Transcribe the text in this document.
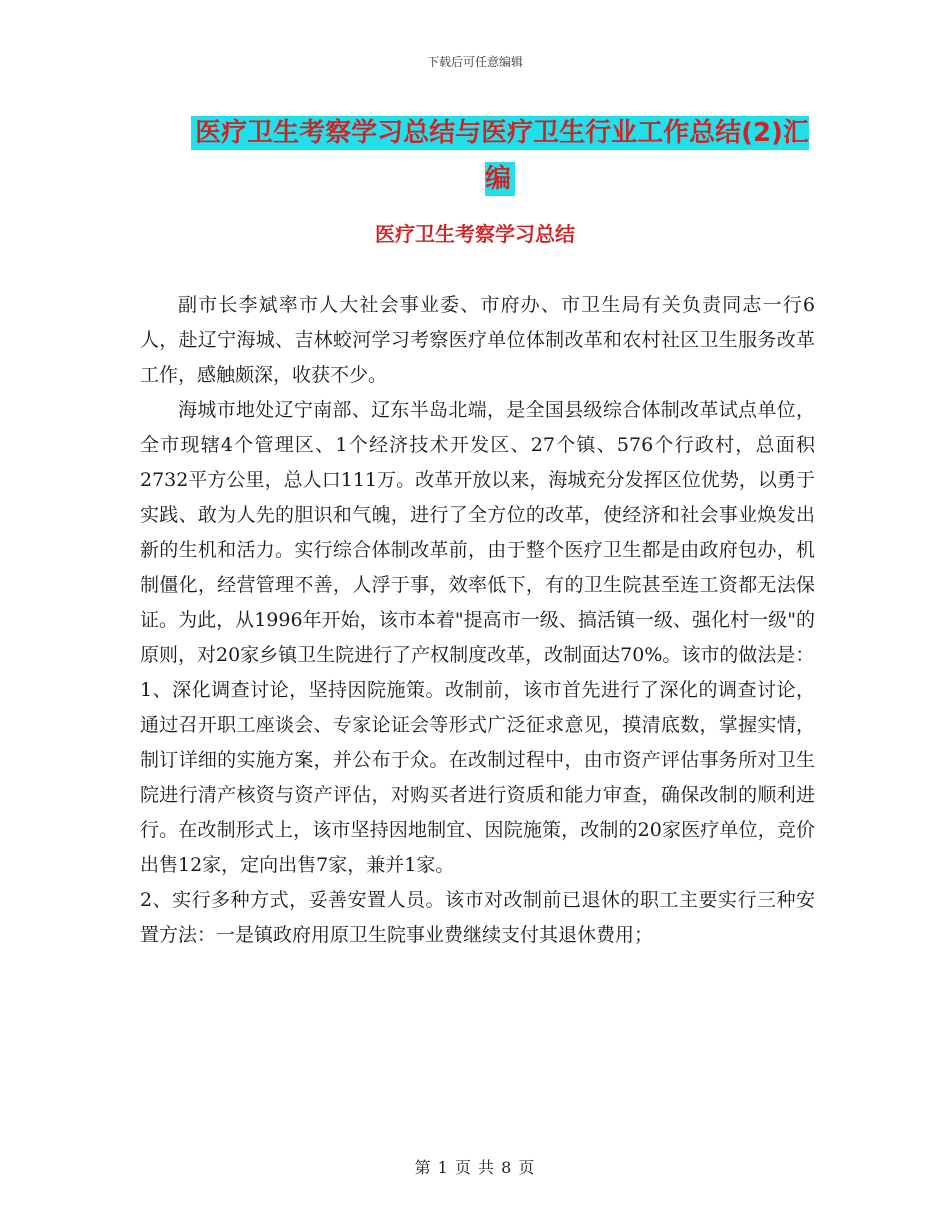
下载后可任意编辑
医疗卫生考察学习总结与医疗卫生行业工作总结(2)汇编
医疗卫生考察学习总结

副市长李斌率市人大社会事业委、市府办、市卫生局有关负责同志一行6人，赴辽宁海城、吉林蛟河学习考察医疗单位体制改革和农村社区卫生服务改革工作，感触颇深，收获不少。

海城市地处辽宁南部、辽东半岛北端，是全国县级综合体制改革试点单位，全市现辖4个管理区、1个经济技术开发区、27个镇、576个行政村，总面积2732平方公里，总人口111万。改革开放以来，海城充分发挥区位优势，以勇于实践、敢为人先的胆识和气魄，进行了全方位的改革，使经济和社会事业焕发出新的生机和活力。实行综合体制改革前，由于整个医疗卫生都是由政府包办，机制僵化，经营管理不善，人浮于事，效率低下，有的卫生院甚至连工资都无法保证。为此，从1996年开始，该市本着"提高市一级、搞活镇一级、强化村一级"的原则，对20家乡镇卫生院进行了产权制度改革，改制面达70%。该市的做法是：

1、深化调查讨论，坚持因院施策。改制前，该市首先进行了深化的调查讨论，通过召开职工座谈会、专家论证会等形式广泛征求意见，摸清底数，掌握实情，制订详细的实施方案，并公布于众。在改制过程中，由市资产评估事务所对卫生院进行清产核资与资产评估，对购买者进行资质和能力审查，确保改制的顺利进行。在改制形式上，该市坚持因地制宜、因院施策，改制的20家医疗单位，竞价出售12家，定向出售7家，兼并1家。

2、实行多种方式，妥善安置人员。该市对改制前已退休的职工主要实行三种安置方法：一是镇政府用原卫生院事业费继续支付其退休费用；

第 1 页 共 8 页
